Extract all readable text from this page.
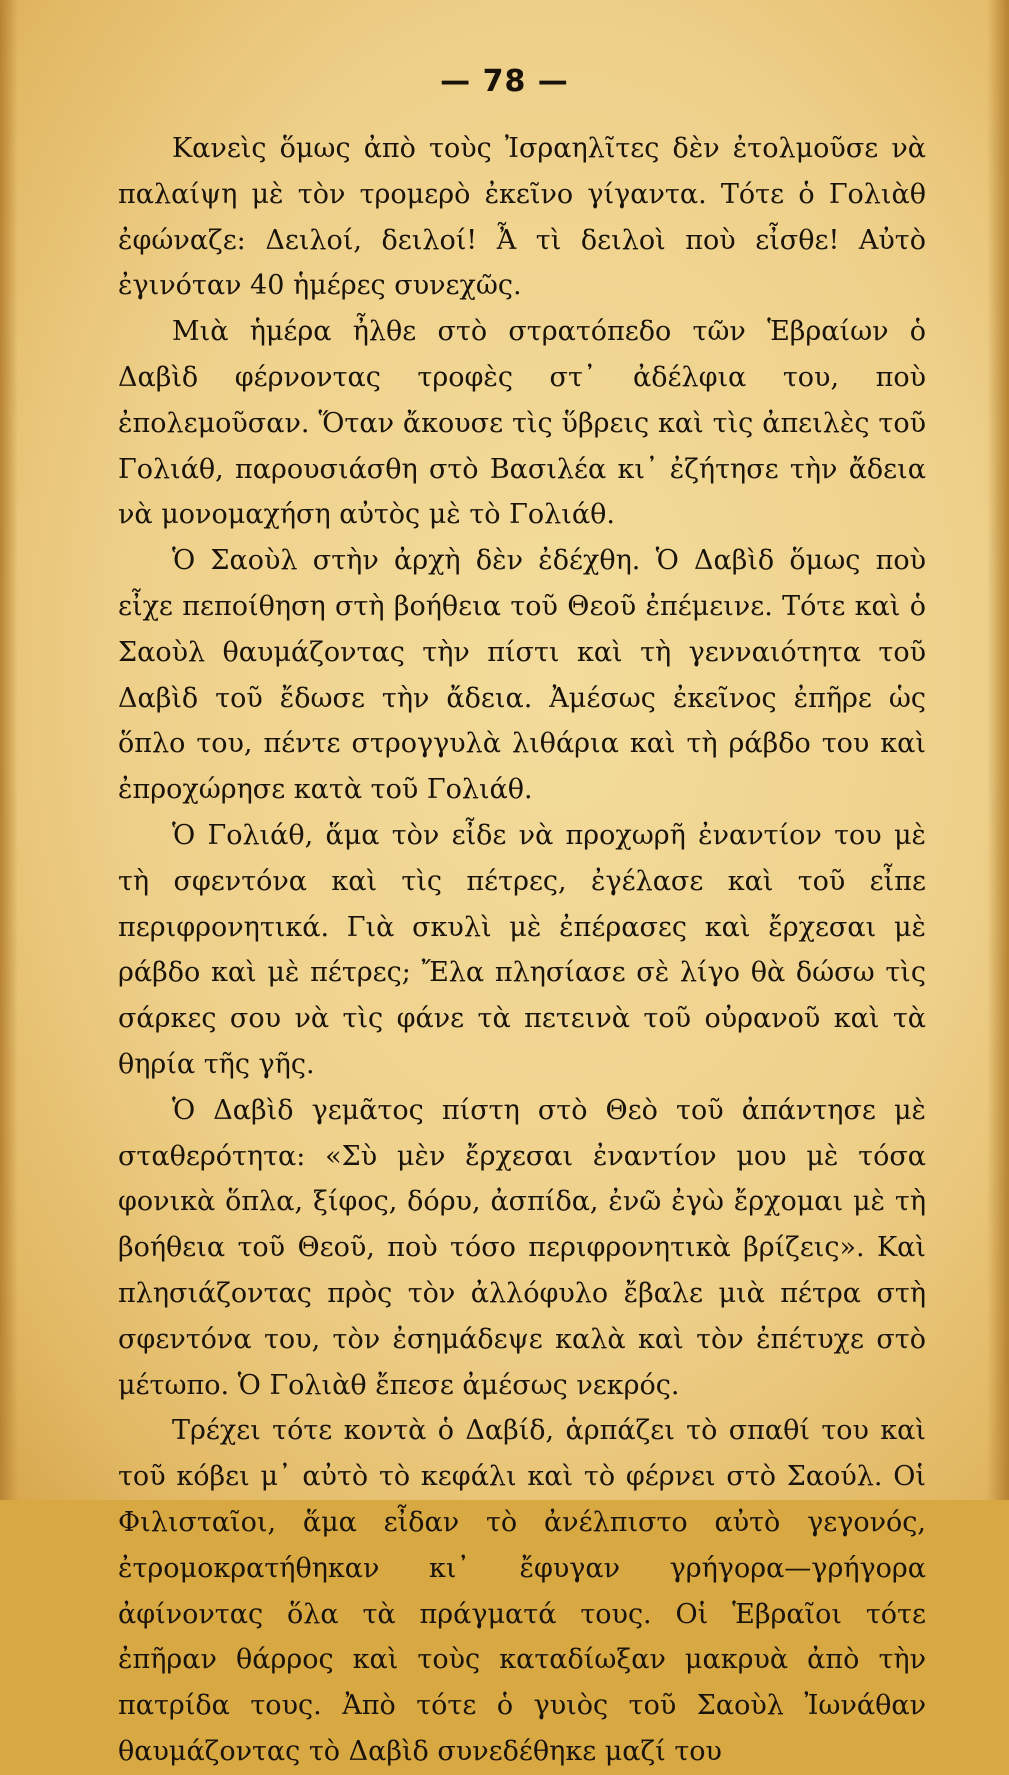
— 78 —

Κανεὶς ὅμως ἀπὸ τοὺς Ἰσραηλῖτες δὲν ἐτολμοῦσε νὰ παλαίψη μὲ τὸν τρομερὸ ἐκεῖνο γίγαντα. Τότε ὁ Γολιὰθ ἐφώναζε: Δειλοί, δειλοί! Ἆ τὶ δειλοὶ ποὺ εἶσθε! Αὐτὸ ἐγινόταν 40 ἡμέρες συνεχῶς.

Μιὰ ἡμέρα ἦλθε στὸ στρατόπεδο τῶν Ἑβραίων ὁ Δαβὶδ φέρνοντας τροφὲς στ᾽ ἀδέλφια του, ποὺ ἐπολεμοῦσαν. Ὅταν ἄκουσε τὶς ὕβρεις καὶ τὶς ἀπειλὲς τοῦ Γολιάθ, παρουσιάσθη στὸ Βασιλέα κι᾽ ἐζήτησε τὴν ἄδεια νὰ μονομαχήση αὐτὸς μὲ τὸ Γολιάθ.

Ὁ Σαοὺλ στὴν ἀρχὴ δὲν ἐδέχθη. Ὁ Δαβὶδ ὅμως ποὺ εἶχε πεποίθηση στὴ βοήθεια τοῦ Θεοῦ ἐπέμεινε. Τότε καὶ ὁ Σαοὺλ θαυμάζοντας τὴν πίστι καὶ τὴ γενναιότητα τοῦ Δαβὶδ τοῦ ἔδωσε τὴν ἄδεια. Ἀμέσως ἐκεῖνος ἐπῆρε ὡς ὅπλο του, πέντε στρογγυλὰ λιθάρια καὶ τὴ ράβδο του καὶ ἐπροχώρησε κατὰ τοῦ Γολιάθ.

Ὁ Γολιάθ, ἅμα τὸν εἶδε νὰ προχωρῆ ἐναντίον του μὲ τὴ σφεντόνα καὶ τὶς πέτρες, ἐγέλασε καὶ τοῦ εἶπε περιφρονητικά. Γιὰ σκυλὶ μὲ ἐπέρασες καὶ ἔρχεσαι μὲ ράβδο καὶ μὲ πέτρες; Ἔλα πλησίασε σὲ λίγο θὰ δώσω τὶς σάρκες σου νὰ τὶς φάνε τὰ πετεινὰ τοῦ οὐρανοῦ καὶ τὰ θηρία τῆς γῆς.

Ὁ Δαβὶδ γεμᾶτος πίστη στὸ Θεὸ τοῦ ἀπάντησε μὲ σταθερότητα: «Σὺ μὲν ἔρχεσαι ἐναντίον μου μὲ τόσα φονικὰ ὅπλα, ξίφος, δόρυ, ἀσπίδα, ἐνῶ ἐγὼ ἔρχομαι μὲ τὴ βοήθεια τοῦ Θεοῦ, ποὺ τόσο περιφρονητικὰ βρίζεις». Καὶ πλησιάζοντας πρὸς τὸν ἀλλόφυλο ἔβαλε μιὰ πέτρα στὴ σφεντόνα του, τὸν ἐσημάδεψε καλὰ καὶ τὸν ἐπέτυχε στὸ μέτωπο. Ὁ Γολιὰθ ἔπεσε ἀμέσως νεκρός.

Τρέχει τότε κοντὰ ὁ Δαβίδ, ἁρπάζει τὸ σπαθί του καὶ τοῦ κόβει μ᾽ αὐτὸ τὸ κεφάλι καὶ τὸ φέρνει στὸ Σαούλ. Οἱ Φιλισταῖοι, ἅμα εἶδαν τὸ ἀνέλπιστο αὐτὸ γεγονός, ἐτρομοκρατήθηκαν κι᾽ ἔφυγαν γρήγορα—γρήγορα ἀφίνοντας ὅλα τὰ πράγματά τους. Οἱ Ἑβραῖοι τότε ἐπῆραν θάρρος καὶ τοὺς καταδίωξαν μακρυὰ ἀπὸ τὴν πατρίδα τους. Ἀπὸ τότε ὁ γυιὸς τοῦ Σαοὺλ Ἰωνάθαν θαυμάζοντας τὸ Δαβὶδ συνεδέθηκε μαζί του
